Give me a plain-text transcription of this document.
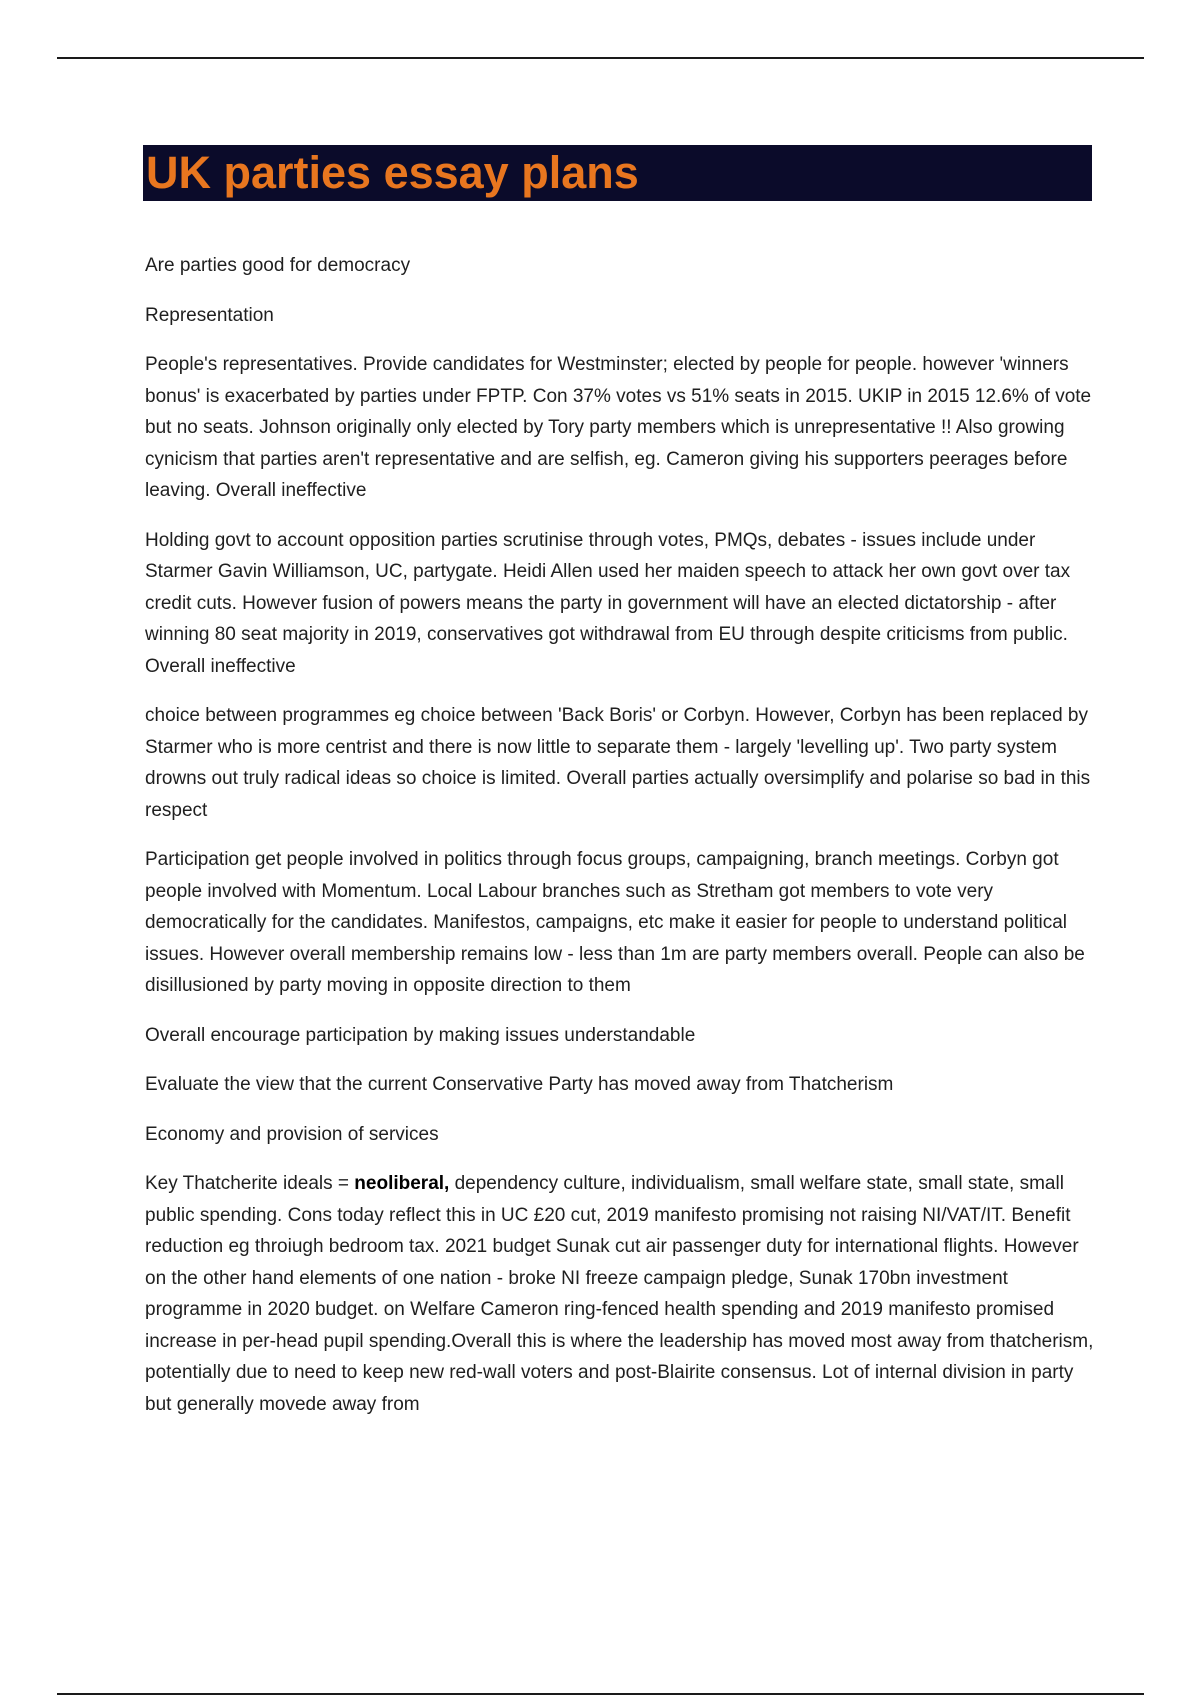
UK parties essay plans

Are parties good for democracy

Representation

People's representatives. Provide candidates for Westminster; elected by people for people. however 'winners bonus' is exacerbated by parties under FPTP. Con 37% votes vs 51% seats in 2015. UKIP in 2015 12.6% of vote but no seats. Johnson originally only elected by Tory party members which is unrepresentative !! Also growing cynicism that parties aren't representative and are selfish, eg. Cameron giving his supporters peerages before leaving. Overall ineffective

Holding govt to account opposition parties scrutinise through votes, PMQs, debates - issues include under Starmer Gavin Williamson, UC, partygate. Heidi Allen used her maiden speech to attack her own govt over tax credit cuts. However fusion of powers means the party in government will have an elected dictatorship - after winning 80 seat majority in 2019, conservatives got withdrawal from EU through despite criticisms from public. Overall ineffective

choice between programmes eg choice between 'Back Boris' or Corbyn. However, Corbyn has been replaced by Starmer who is more centrist and there is now little to separate them - largely 'levelling up'. Two party system drowns out truly radical ideas so choice is limited. Overall parties actually oversimplify and polarise so bad in this respect

Participation get people involved in politics through focus groups, campaigning, branch meetings. Corbyn got people involved with Momentum. Local Labour branches such as Stretham got members to vote very democratically for the candidates. Manifestos, campaigns, etc make it easier for people to understand political issues. However overall membership remains low - less than 1m are party members overall. People can also be disillusioned by party moving in opposite direction to them

Overall encourage participation by making issues understandable

Evaluate the view that the current Conservative Party has moved away from Thatcherism

Economy and provision of services

Key Thatcherite ideals = neoliberal, dependency culture, individualism, small welfare state, small state, small public spending. Cons today reflect this in UC £20 cut, 2019 manifesto promising not raising NI/VAT/IT. Benefit reduction eg throiugh bedroom tax. 2021 budget Sunak cut air passenger duty for international flights. However on the other hand elements of one nation - broke NI freeze campaign pledge, Sunak 170bn investment programme in 2020 budget. on Welfare Cameron ring-fenced health spending and 2019 manifesto promised increase in per-head pupil spending.Overall this is where the leadership has moved most away from thatcherism, potentially due to need to keep new red-wall voters and post-Blairite consensus. Lot of internal division in party but generally movede away from
